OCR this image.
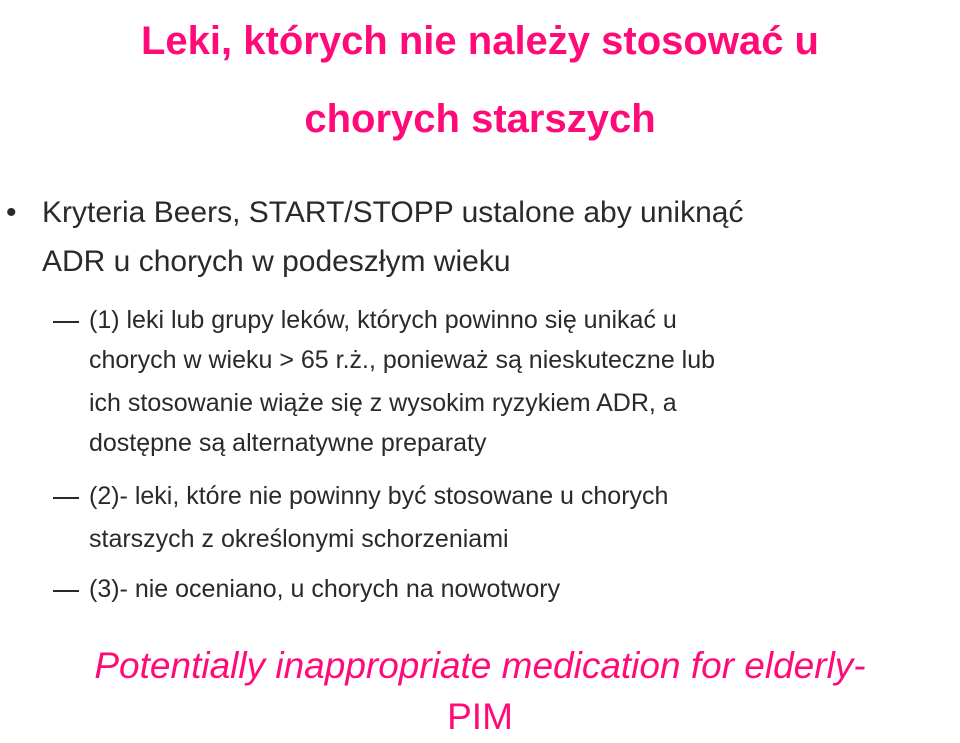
Leki, których nie należy stosować u
chorych starszych
• Kryteria Beers, START/STOPP ustalone aby uniknąć
ADR u chorych w podeszłym wieku
(1) leki lub grupy leków, których powinno się unikać u
chorych w wieku > 65 r.ż., ponieważ są nieskuteczne lub
ich stosowanie wiąże się z wysokim ryzykiem ADR, a
dostępne są alternatywne preparaty
(2)- leki, które nie powinny być stosowane u chorych
starszych z określonymi schorzeniami
(3)- nie oceniano, u chorych na nowotwory

Potentially inappropriate medication for elderly-
PIM
